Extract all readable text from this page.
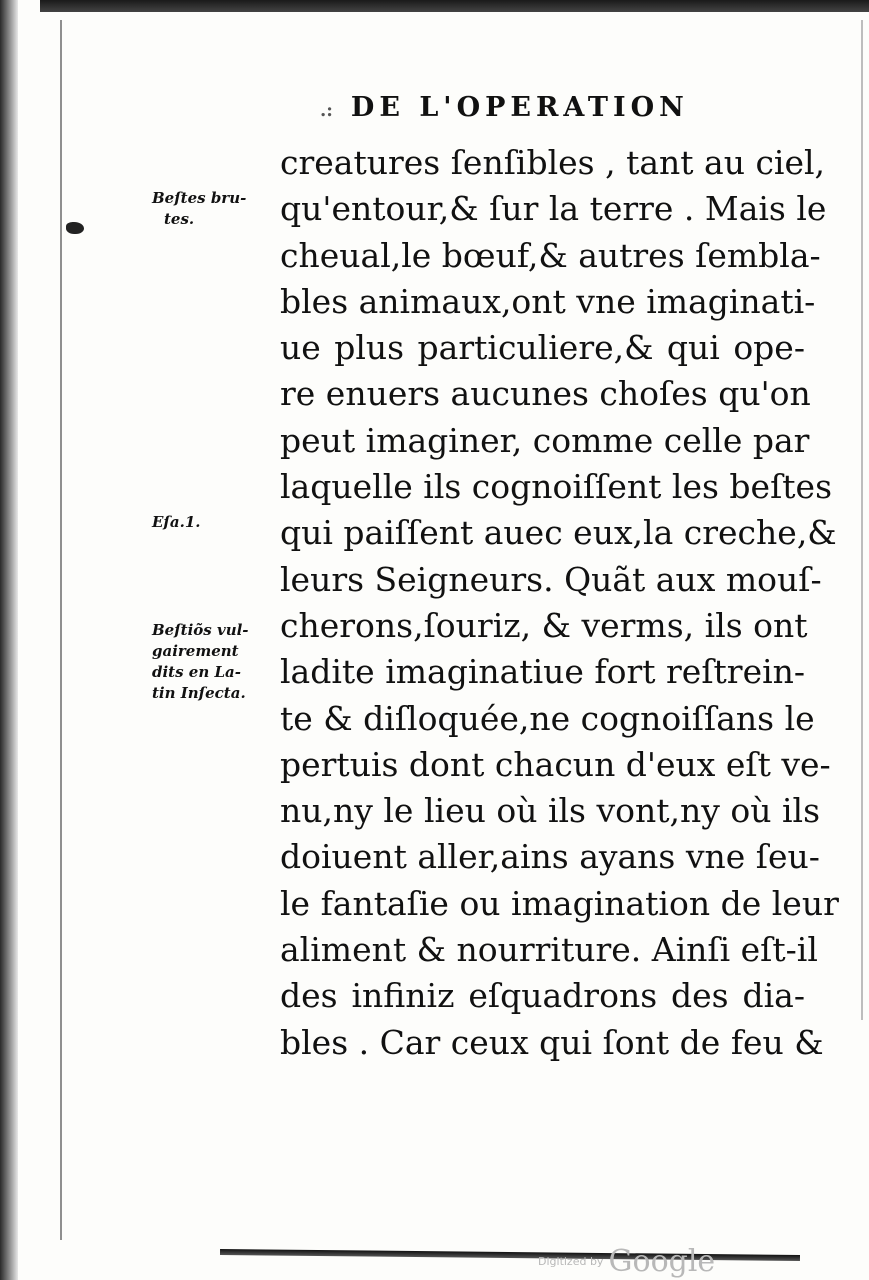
.: DE L'OPERATION
Beſtes bru-
tes.
Eſa.1.
Beſtiõs vul-
gairement
dits en La-
tin Inſecta.
creatures ſenſibles , tant au ciel,
qu'entour,& ſur la terre . Mais le
cheual,le bœuf,& autres ſembla-
bles animaux,ont vne imaginati-
ue plus particuliere,& qui ope-
re enuers aucunes choſes qu'on
peut imaginer, comme celle par
laquelle ils cognoiſſent les beſtes
qui paiſſent auec eux,la creche,&
leurs Seigneurs. Quãt aux mouſ-
cherons,ſouriz, & verms, ils ont
ladite imaginatiue fort reſtrein-
te & diſloquée,ne cognoiſſans le
pertuis dont chacun d'eux eſt ve-
nu,ny le lieu où ils vont,ny où ils
doiuent aller,ains ayans vne ſeu-
le fantaſie ou imagination de leur
aliment & nourriture. Ainſi eſt-il
des infiniz eſquadrons des dia-
bles . Car ceux qui ſont de feu &
Digitized by Google
